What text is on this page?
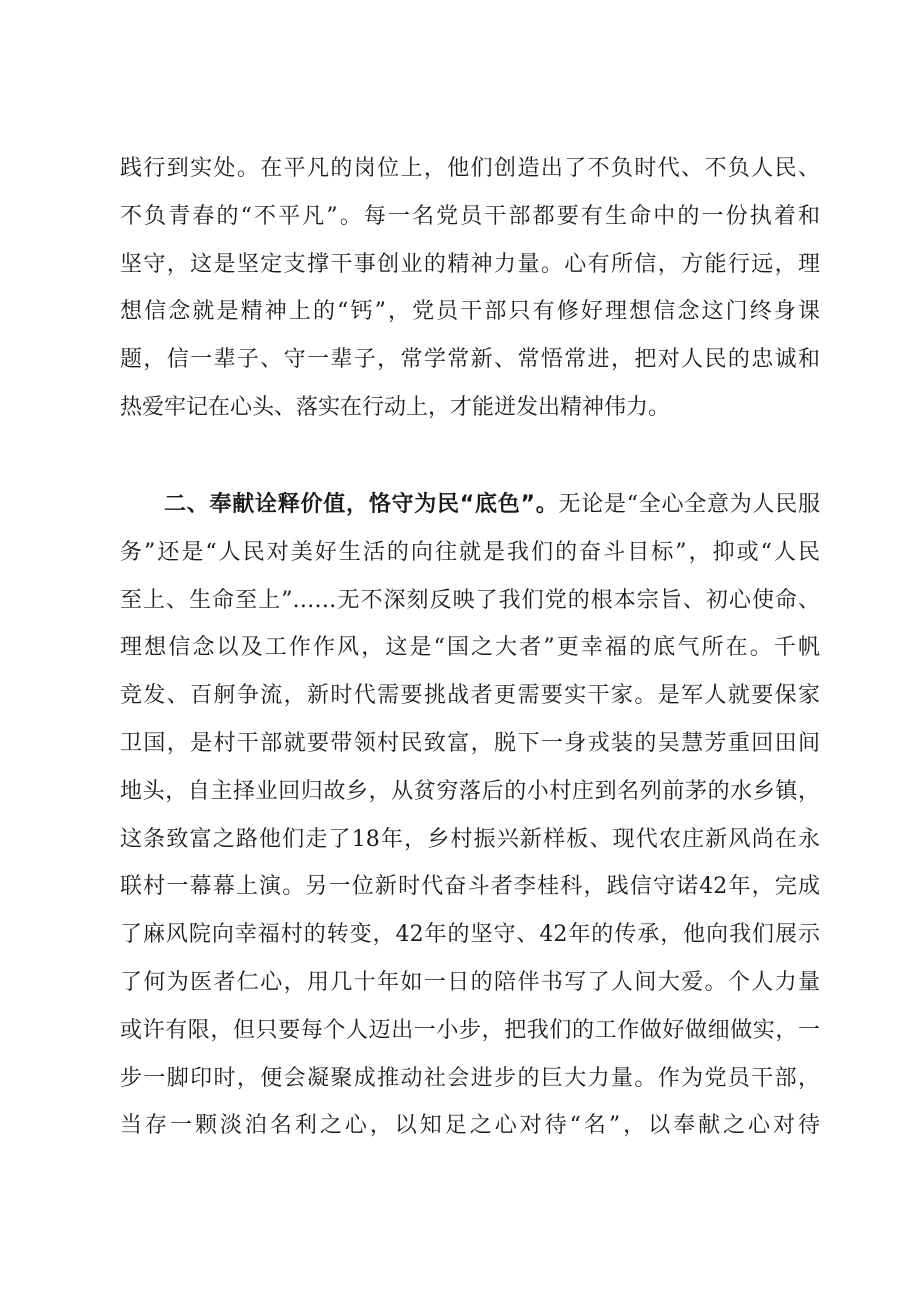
践行到实处。在平凡的岗位上，他们创造出了不负时代、不负人民、
不负青春的“不平凡”。每一名党员干部都要有生命中的一份执着和
坚守，这是坚定支撑干事创业的精神力量。心有所信，方能行远，理
想信念就是精神上的“钙”，党员干部只有修好理想信念这门终身课
题，信一辈子、守一辈子，常学常新、常悟常进，把对人民的忠诚和
热爱牢记在心头、落实在行动上，才能迸发出精神伟力。
二、奉献诠释价值，恪守为民“底色”。无论是“全心全意为人民服
务”还是“人民对美好生活的向往就是我们的奋斗目标”，抑或“人民
至上、生命至上”……无不深刻反映了我们党的根本宗旨、初心使命、
理想信念以及工作作风，这是“国之大者”更幸福的底气所在。千帆
竞发、百舸争流，新时代需要挑战者更需要实干家。是军人就要保家
卫国，是村干部就要带领村民致富，脱下一身戎装的吴慧芳重回田间
地头，自主择业回归故乡，从贫穷落后的小村庄到名列前茅的水乡镇，
这条致富之路他们走了18年，乡村振兴新样板、现代农庄新风尚在永
联村一幕幕上演。另一位新时代奋斗者李桂科，践信守诺42年，完成
了麻风院向幸福村的转变，42年的坚守、42年的传承，他向我们展示
了何为医者仁心，用几十年如一日的陪伴书写了人间大爱。个人力量
或许有限，但只要每个人迈出一小步，把我们的工作做好做细做实，一
步一脚印时，便会凝聚成推动社会进步的巨大力量。作为党员干部，
当存一颗淡泊名利之心，以知足之心对待“名”，以奉献之心对待
